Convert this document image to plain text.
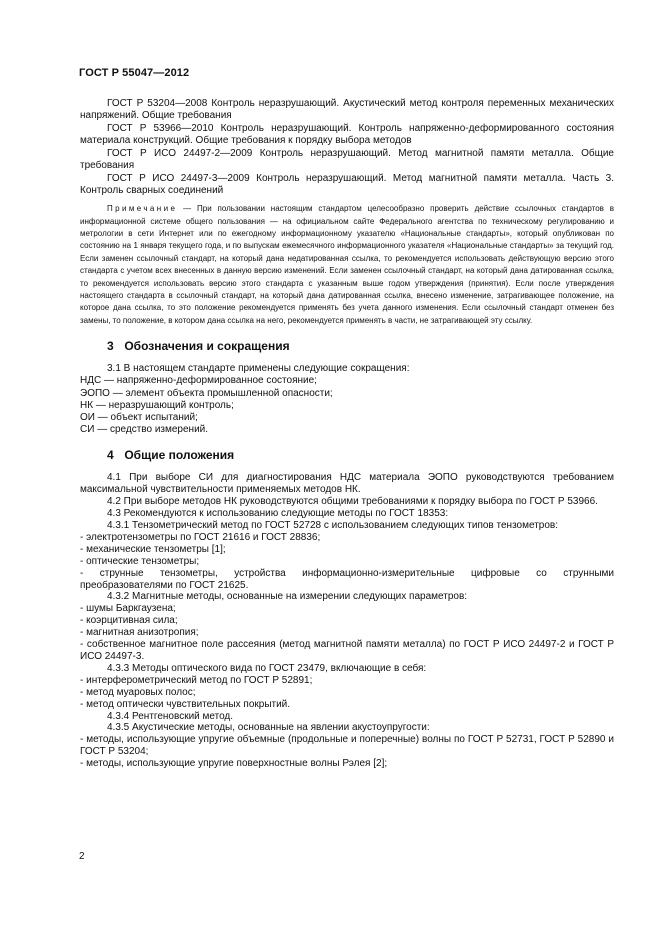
ГОСТ Р 55047—2012

ГОСТ Р 53204—2008 Контроль неразрушающий. Акустический метод контроля переменных механических напряжений. Общие требования

ГОСТ Р 53966—2010 Контроль неразрушающий. Контроль напряженно-деформированного состояния материала конструкций. Общие требования к порядку выбора методов

ГОСТ Р ИСО 24497-2—2009 Контроль неразрушающий. Метод магнитной памяти металла. Общие требования

ГОСТ Р ИСО 24497-3—2009 Контроль неразрушающий. Метод магнитной памяти металла. Часть 3. Контроль сварных соединений

Примечание — При пользовании настоящим стандартом целесообразно проверить действие ссылочных стандартов в информационной системе общего пользования — на официальном сайте Федерального агентства по техническому регулированию и метрологии в сети Интернет или по ежегодному информационному указателю «Национальные стандарты», который опубликован по состоянию на 1 января текущего года, и по выпускам ежемесячного информационного указателя «Национальные стандарты» за текущий год. Если заменен ссылочный стандарт, на который дана недатированная ссылка, то рекомендуется использовать действующую версию этого стандарта с учетом всех внесенных в данную версию изменений. Если заменен ссылочный стандарт, на который дана датированная ссылка, то рекомендуется использовать версию этого стандарта с указанным выше годом утверждения (принятия). Если после утверждения настоящего стандарта в ссылочный стандарт, на который дана датированная ссылка, внесено изменение, затрагивающее положение, на которое дана ссылка, то это положение рекомендуется применять без учета данного изменения. Если ссылочный стандарт отменен без замены, то положение, в котором дана ссылка на него, рекомендуется применять в части, не затрагивающей эту ссылку.

3 Обозначения и сокращения

3.1 В настоящем стандарте применены следующие сокращения:

НДС — напряженно-деформированное состояние;

ЭОПО — элемент объекта промышленной опасности;

НК — неразрушающий контроль;

ОИ — объект испытаний;

СИ — средство измерений.

4 Общие положения

4.1 При выборе СИ для диагностирования НДС материала ЭОПО руководствуются требованием максимальной чувствительности применяемых методов НК.

4.2 При выборе методов НК руководствуются общими требованиями к порядку выбора по ГОСТ Р 53966.

4.3 Рекомендуются к использованию следующие методы по ГОСТ 18353:

4.3.1 Тензометрический метод по ГОСТ 52728 с использованием следующих типов тензометров:

- электротензометры по ГОСТ 21616 и ГОСТ 28836;

- механические тензометры [1];

- оптические тензометры;

- струнные тензометры, устройства информационно-измерительные цифровые со струнными преобразователями по ГОСТ 21625.

4.3.2 Магнитные методы, основанные на измерении следующих параметров:

- шумы Баркгаузена;

- коэрцитивная сила;

- магнитная анизотропия;

- собственное магнитное поле рассеяния (метод магнитной памяти металла) по ГОСТ Р ИСО 24497-2 и ГОСТ Р ИСО 24497-3.

4.3.3 Методы оптического вида по ГОСТ 23479, включающие в себя:

- интерферометрический метод по ГОСТ Р 52891;

- метод муаровых полос;

- метод оптически чувствительных покрытий.

4.3.4 Рентгеновский метод.

4.3.5 Акустические методы, основанные на явлении акустоупругости:

- методы, использующие упругие объемные (продольные и поперечные) волны по ГОСТ Р 52731, ГОСТ Р 52890 и ГОСТ Р 53204;

- методы, использующие упругие поверхностные волны Рэлея [2];

2
